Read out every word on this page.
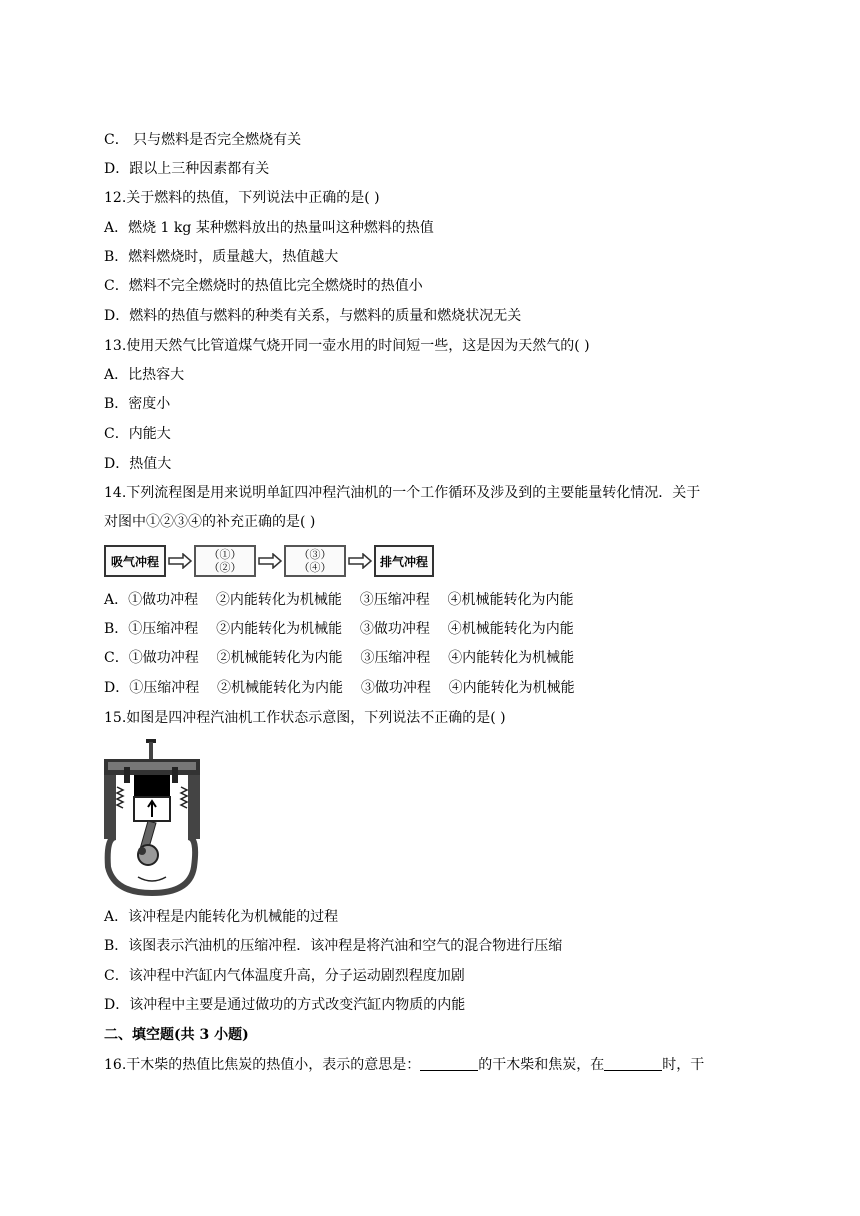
C． 只与燃料是否完全燃烧有关
D．跟以上三种因素都有关
12.关于燃料的热值，下列说法中正确的是( )
A．燃烧 1 kg 某种燃料放出的热量叫这种燃料的热值
B．燃料燃烧时，质量越大，热值越大
C．燃料不完全燃烧时的热值比完全燃烧时的热值小
D．燃料的热值与燃料的种类有关系，与燃料的质量和燃烧状况无关
13.使用天然气比管道煤气烧开同一壶水用的时间短一些，这是因为天然气的( )
A．比热容大
B．密度小
C．内能大
D．热值大
14.下列流程图是用来说明单缸四冲程汽油机的一个工作循环及涉及到的主要能量转化情况．关于
对图中①②③④的补充正确的是( )
吸气冲程	（①）
（②）
（③）
（④）	排气冲程
A．①做功冲程    ②内能转化为机械能    ③压缩冲程    ④机械能转化为内能
B．①压缩冲程    ②内能转化为机械能    ③做功冲程    ④机械能转化为内能
C．①做功冲程    ②机械能转化为内能    ③压缩冲程    ④内能转化为机械能
D．①压缩冲程    ②机械能转化为内能    ③做功冲程    ④内能转化为机械能
15.如图是四冲程汽油机工作状态示意图，下列说法不正确的是( )
A．该冲程是内能转化为机械能的过程
B．该图表示汽油机的压缩冲程．该冲程是将汽油和空气的混合物进行压缩
C．该冲程中汽缸内气体温度升高，分子运动剧烈程度加剧
D．该冲程中主要是通过做功的方式改变汽缸内物质的内能
二、填空题(共 3 小题)
16.干木柴的热值比焦炭的热值小，表示的意思是：	的干木柴和焦炭，在	时，干
